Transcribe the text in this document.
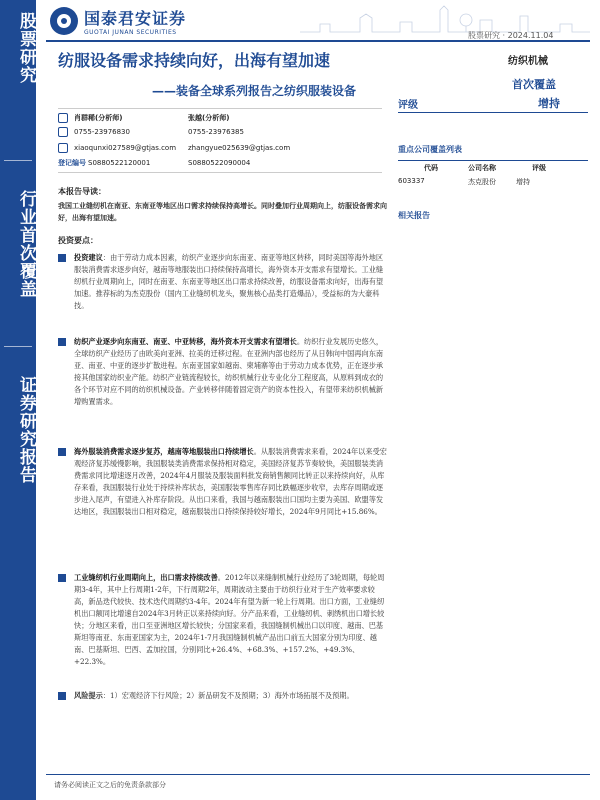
股票研究
行业首次覆盖
证券研究报告
国泰君安证券
GUOTAI JUNAN SECURITIES	股票研究 · 2024.11.04
纺服设备需求持续向好，出海有望加速
——装备全球系列报告之纺织服装设备
纺织机械
首次覆盖
评级	增持
肖群稀(分析师)	张越(分析师)
0755-23976830	0755-23976385
xiaoqunxi027589@gtjas.com zhangyue025639@gtjas.com
登记编号 S0880522120001	S0880522090004
重点公司覆盖列表
代码	公司名称	评级
603337	杰克股份	增持
相关报告
本报告导读：
我国工业缝纫机在南亚、东南亚等地区出口需求持续保持高增长。同时叠加行业周期向上，纺服设备需求向好，出海有望加速。
投资要点：
投资建议：由于劳动力成本因素，纺织产业逐步向东南亚、南亚等地区转移，同时美国等海外地区服装消费需求逐步向好，越南等地服装出口持续保持高增长，海外资本开支需求有望增长。工业缝纫机行业周期向上，同时在南亚、东南亚等地区出口需求持续改善，纺服设备需求向好，出海有望加速。推荐标的为杰克股份（国内工业缝纫机龙头，聚焦核心品类打造爆品），受益标的为大豪科技。
纺织产业逐步向东南亚、南亚、中亚转移，海外资本开支需求有望增长。纺织行业发展历史悠久，全球纺织产业经历了由欧美向亚洲、拉美的迁移过程。在亚洲内部也经历了从日韩向中国再向东南亚、南亚、中亚的逐步扩散进程。东南亚国家如越南、柬埔寨等由于劳动力成本优势，正在逐步承接其他国家纺织业产能。纺织产业链流程较长，纺织机械行业专业化分工程度高，从原料到成衣的各个环节对应不同的纺织机械设备。产业转移伴随着固定资产的资本性投入，有望带来纺织机械新增购置需求。
海外服装消费需求逐步复苏，越南等地服装出口持续增长。从服装消费需求来看，2024年以来受宏观经济复苏缓慢影响，我国服装类消费需求保持相对稳定，美国经济复苏节奏较快，美国服装类消费需求同比增速逐月改善，2024年4月服装及服装面料批发商销售额同比转正以来持续向好，从库存来看，我国服装行业处于持续补库状态，美国服装零售库存同比跌幅逐步收窄，去库存周期或逐步进入尾声，有望进入补库存阶段。从出口来看，我国与越南服装出口国均主要为美国、欧盟等发达地区，我国服装出口相对稳定，越南服装出口持续保持较好增长，2024年9月同比+15.86%。
工业缝纫机行业周期向上，出口需求持续改善。2012年以来缝制机械行业经历了3轮周期，每轮周期3-4年，其中上行周期1-2年，下行周期2年，周期波动主要由于纺织行业对于生产效率要求较高，新品迭代较快、技术迭代周期约3-4年。2024年有望为新一轮上行周期。出口方面，工业缝纫机出口额同比增速自2024年3月转正以来持续向好。分产品来看，工业缝纫机、刺绣机出口增长较快；分地区来看，出口至亚洲地区增长较快；分国家来看，我国缝制机械出口以印度、越南、巴基斯坦等南亚、东南亚国家为主，2024年1-7月我国缝制机械产品出口前五大国家分别为印度、越南、巴基斯坦、巴西、孟加拉国，分别同比+26.4%、+68.3%、+157.2%、+49.3%、+22.3%。
风险提示：1）宏观经济下行风险；2）新品研发不及预期；3）海外市场拓展不及预期。
请务必阅读正文之后的免责条款部分
